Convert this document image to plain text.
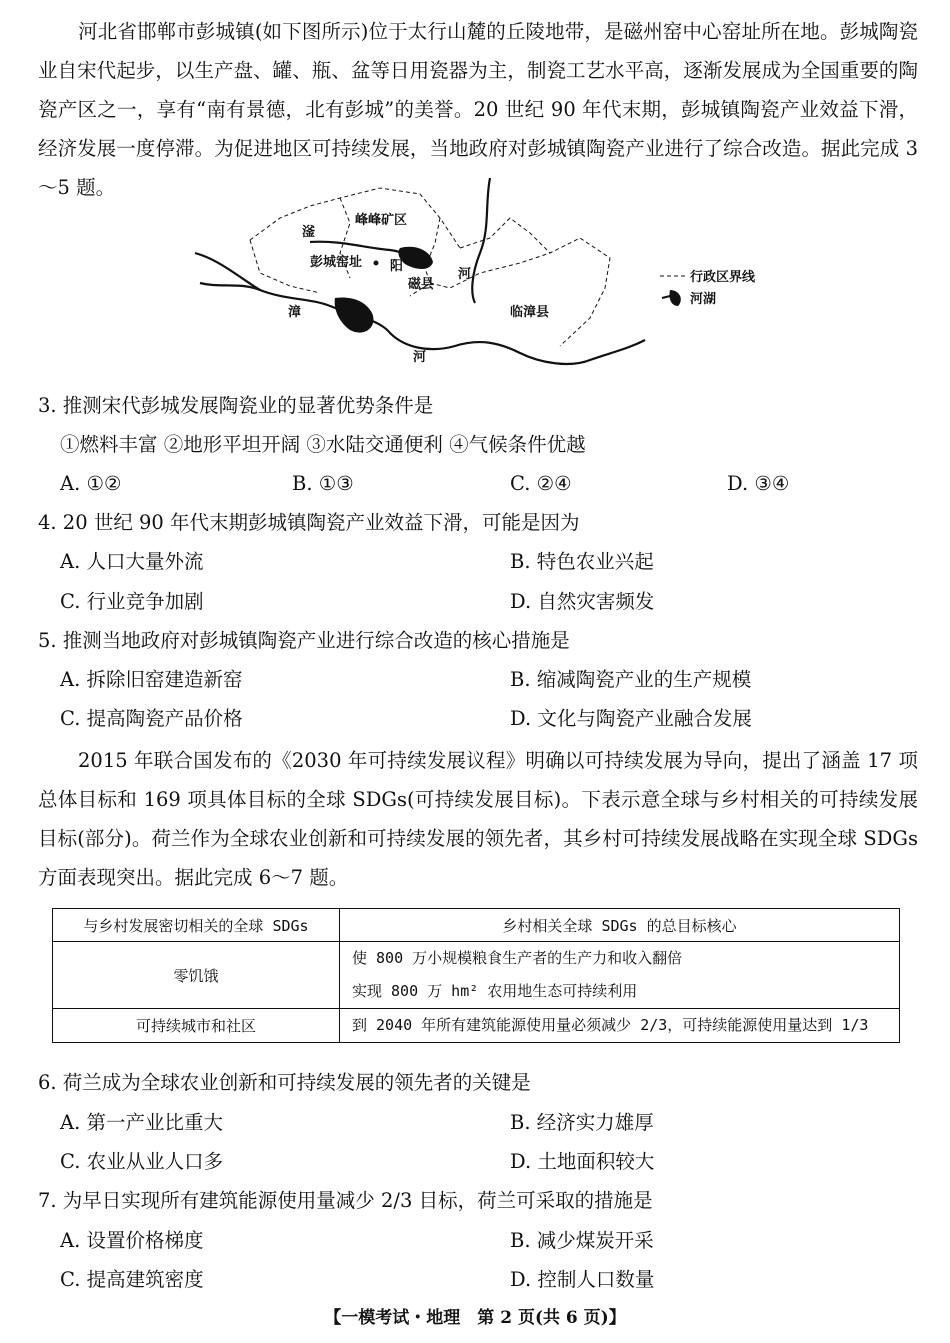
河北省邯郸市彭城镇(如下图所示)位于太行山麓的丘陵地带，是磁州窑中心窑址所在地。彭城陶瓷业自宋代起步，以生产盘、罐、瓶、盆等日用瓷器为主，制瓷工艺水平高，逐渐发展成为全国重要的陶瓷产区之一，享有“南有景德，北有彭城”的美誉。20 世纪 90 年代末期，彭城镇陶瓷产业效益下滑，经济发展一度停滞。为促进地区可持续发展，当地政府对彭城镇陶瓷产业进行了综合改造。据此完成 3～5 题。

峰峰矿区
彭城窑址
磁县
临漳县
滏
阳
河
漳
河
行政区界线
河湖
3. 推测宋代彭城发展陶瓷业的显著优势条件是
①燃料丰富 ②地形平坦开阔 ③水陆交通便利 ④气候条件优越
A. ①②	B. ①③	C. ②④	D. ③④
4. 20 世纪 90 年代末期彭城镇陶瓷产业效益下滑，可能是因为
A. 人口大量外流	B. 特色农业兴起
C. 行业竞争加剧	D. 自然灾害频发
5. 推测当地政府对彭城镇陶瓷产业进行综合改造的核心措施是
A. 拆除旧窑建造新窑	B. 缩减陶瓷产业的生产规模
C. 提高陶瓷产品价格	D. 文化与陶瓷产业融合发展

2015 年联合国发布的《2030 年可持续发展议程》明确以可持续发展为导向，提出了涵盖 17 项总体目标和 169 项具体目标的全球 SDGs(可持续发展目标)。下表示意全球与乡村相关的可持续发展目标(部分)。荷兰作为全球农业创新和可持续发展的领先者，其乡村可持续发展战略在实现全球 SDGs 方面表现突出。据此完成 6～7 题。

与乡村发展密切相关的全球 SDGs	乡村相关全球 SDGs 的总目标核心
零饥饿	使 800 万小规模粮食生产者的生产力和收入翻倍
实现 800 万 hm² 农用地生态可持续利用

可持续城市和社区	到 2040 年所有建筑能源使用量必须减少 2/3，可持续能源使用量达到 1/3
6. 荷兰成为全球农业创新和可持续发展的领先者的关键是
A. 第一产业比重大	B. 经济实力雄厚
C. 农业从业人口多	D. 土地面积较大
7. 为早日实现所有建筑能源使用量减少 2/3 目标，荷兰可采取的措施是
A. 设置价格梯度	B. 减少煤炭开采
C. 提高建筑密度	D. 控制人口数量
【一模考试・地理　第 2 页(共 6 页)】
